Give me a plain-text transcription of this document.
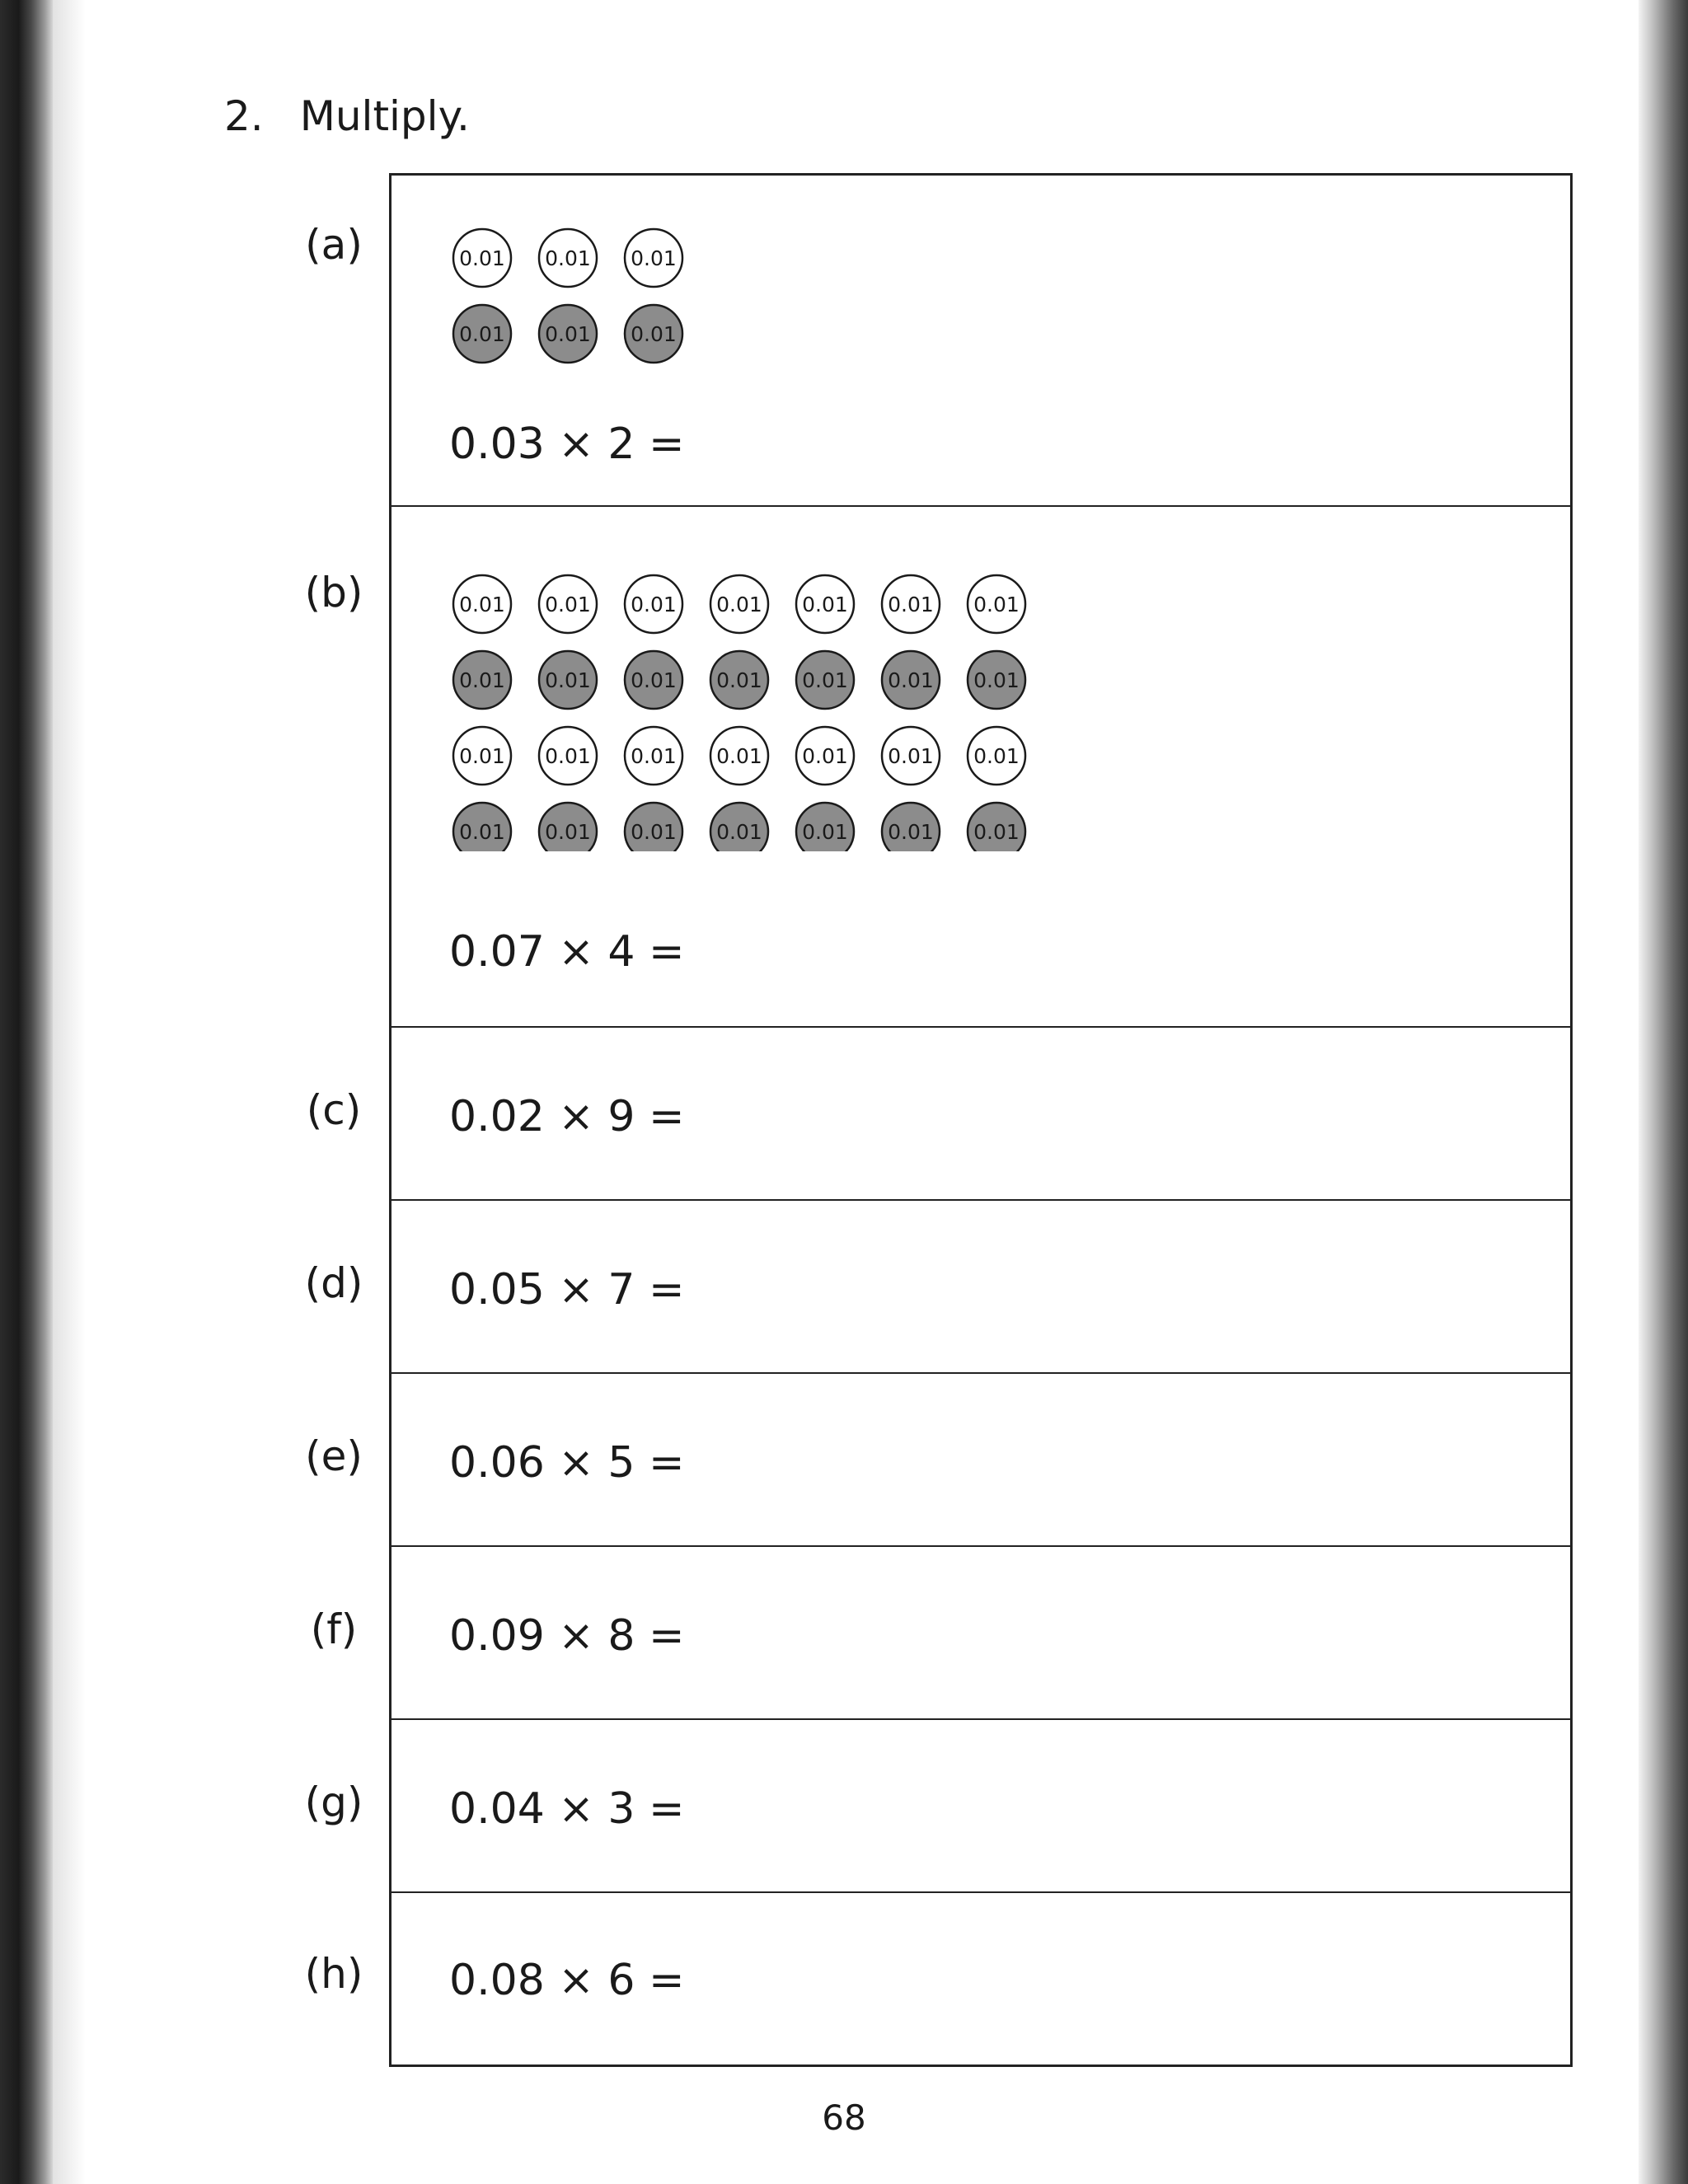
2. Multiply.
(a)
(b)
(c)
(d)
(e)
(f)
(g)
(h)
0.01 0.01 0.01
0.01 0.01 0.01
0.01 0.01 0.01 0.01 0.01 0.01 0.01
0.01 0.01 0.01 0.01 0.01 0.01 0.01
0.01 0.01 0.01 0.01 0.01 0.01 0.01
0.01 0.01 0.01 0.01 0.01 0.01 0.01
0.03 × 2 =
0.07 × 4 =
0.02 × 9 =
0.05 × 7 =
0.06 × 5 =
0.09 × 8 =
0.04 × 3 =
0.08 × 6 =
68
